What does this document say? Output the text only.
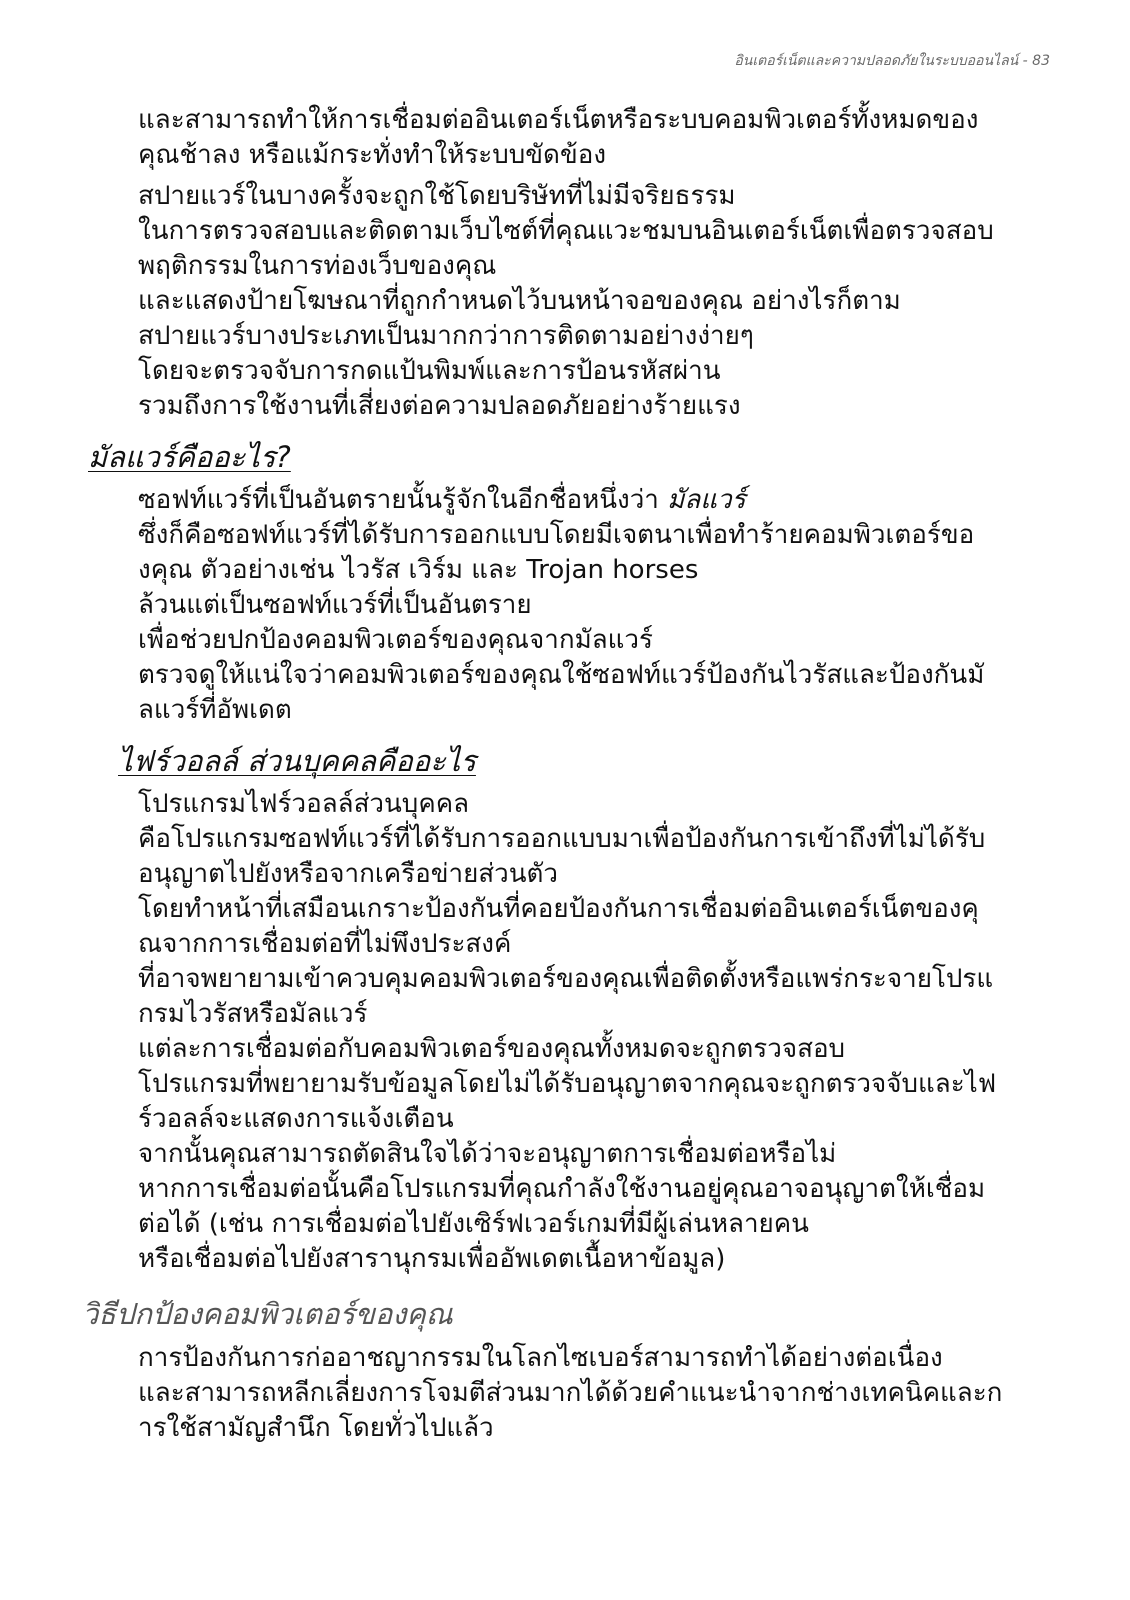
อินเตอร์เน็ตและความปลอดภัยในระบบออนไลน์ - 83
และสามารถทำให้การเชื่อมต่ออินเตอร์เน็ตหรือระบบคอมพิวเตอร์ทั้งหมดของ
คุณช้าลง หรือแม้กระทั่งทำให้ระบบขัดข้อง
สปายแวร์ในบางครั้งจะถูกใช้โดยบริษัทที่ไม่มีจริยธรรม
ในการตรวจสอบและติดตามเว็บไซต์ที่คุณแวะชมบนอินเตอร์เน็ตเพื่อตรวจสอบ
พฤติกรรมในการท่องเว็บของคุณ
และแสดงป้ายโฆษณาที่ถูกกำหนดไว้บนหน้าจอของคุณ อย่างไรก็ตาม
สปายแวร์บางประเภทเป็นมากกว่าการติดตามอย่างง่ายๆ
โดยจะตรวจจับการกดแป้นพิมพ์และการป้อนรหัสผ่าน
รวมถึงการใช้งานที่เสี่ยงต่อความปลอดภัยอย่างร้ายแรง
มัลแวร์คืออะไร?
ซอฟท์แวร์ที่เป็นอันตรายนั้นรู้จักในอีกชื่อหนึ่งว่า มัลแวร์
ซึ่งก็คือซอฟท์แวร์ที่ได้รับการออกแบบโดยมีเจตนาเพื่อทำร้ายคอมพิวเตอร์ขอ
งคุณ ตัวอย่างเช่น ไวรัส เวิร์ม และ Trojan horses
ล้วนแต่เป็นซอฟท์แวร์ที่เป็นอันตราย
เพื่อช่วยปกป้องคอมพิวเตอร์ของคุณจากมัลแวร์
ตรวจดูให้แน่ใจว่าคอมพิวเตอร์ของคุณใช้ซอฟท์แวร์ป้องกันไวรัสและป้องกันมั
ลแวร์ที่อัพเดต
ไฟร์วอลล์ ส่วนบุคคลคืออะไร
โปรแกรมไฟร์วอลล์ส่วนบุคคล
คือโปรแกรมซอฟท์แวร์ที่ได้รับการออกแบบมาเพื่อป้องกันการเข้าถึงที่ไม่ได้รับ
อนุญาตไปยังหรือจากเครือข่ายส่วนตัว
โดยทำหน้าที่เสมือนเกราะป้องกันที่คอยป้องกันการเชื่อมต่ออินเตอร์เน็ตของคุ
ณจากการเชื่อมต่อที่ไม่พึงประสงค์
ที่อาจพยายามเข้าควบคุมคอมพิวเตอร์ของคุณเพื่อติดตั้งหรือแพร่กระจายโปรแ
กรมไวรัสหรือมัลแวร์
แต่ละการเชื่อมต่อกับคอมพิวเตอร์ของคุณทั้งหมดจะถูกตรวจสอบ
โปรแกรมที่พยายามรับข้อมูลโดยไม่ได้รับอนุญาตจากคุณจะถูกตรวจจับและไฟ
ร์วอลล์จะแสดงการแจ้งเตือน
จากนั้นคุณสามารถตัดสินใจได้ว่าจะอนุญาตการเชื่อมต่อหรือไม่
หากการเชื่อมต่อนั้นคือโปรแกรมที่คุณกำลังใช้งานอยู่คุณอาจอนุญาตให้เชื่อม
ต่อได้ (เช่น การเชื่อมต่อไปยังเซิร์ฟเวอร์เกมที่มีผู้เล่นหลายคน
หรือเชื่อมต่อไปยังสารานุกรมเพื่ออัพเดตเนื้อหาข้อมูล)
วิธีปกป้องคอมพิวเตอร์ของคุณ
การป้องกันการก่ออาชญากรรมในโลกไซเบอร์สามารถทำได้อย่างต่อเนื่อง
และสามารถหลีกเลี่ยงการโจมตีส่วนมากได้ด้วยคำแนะนำจากช่างเทคนิคและก
ารใช้สามัญสำนึก โดยทั่วไปแล้ว
